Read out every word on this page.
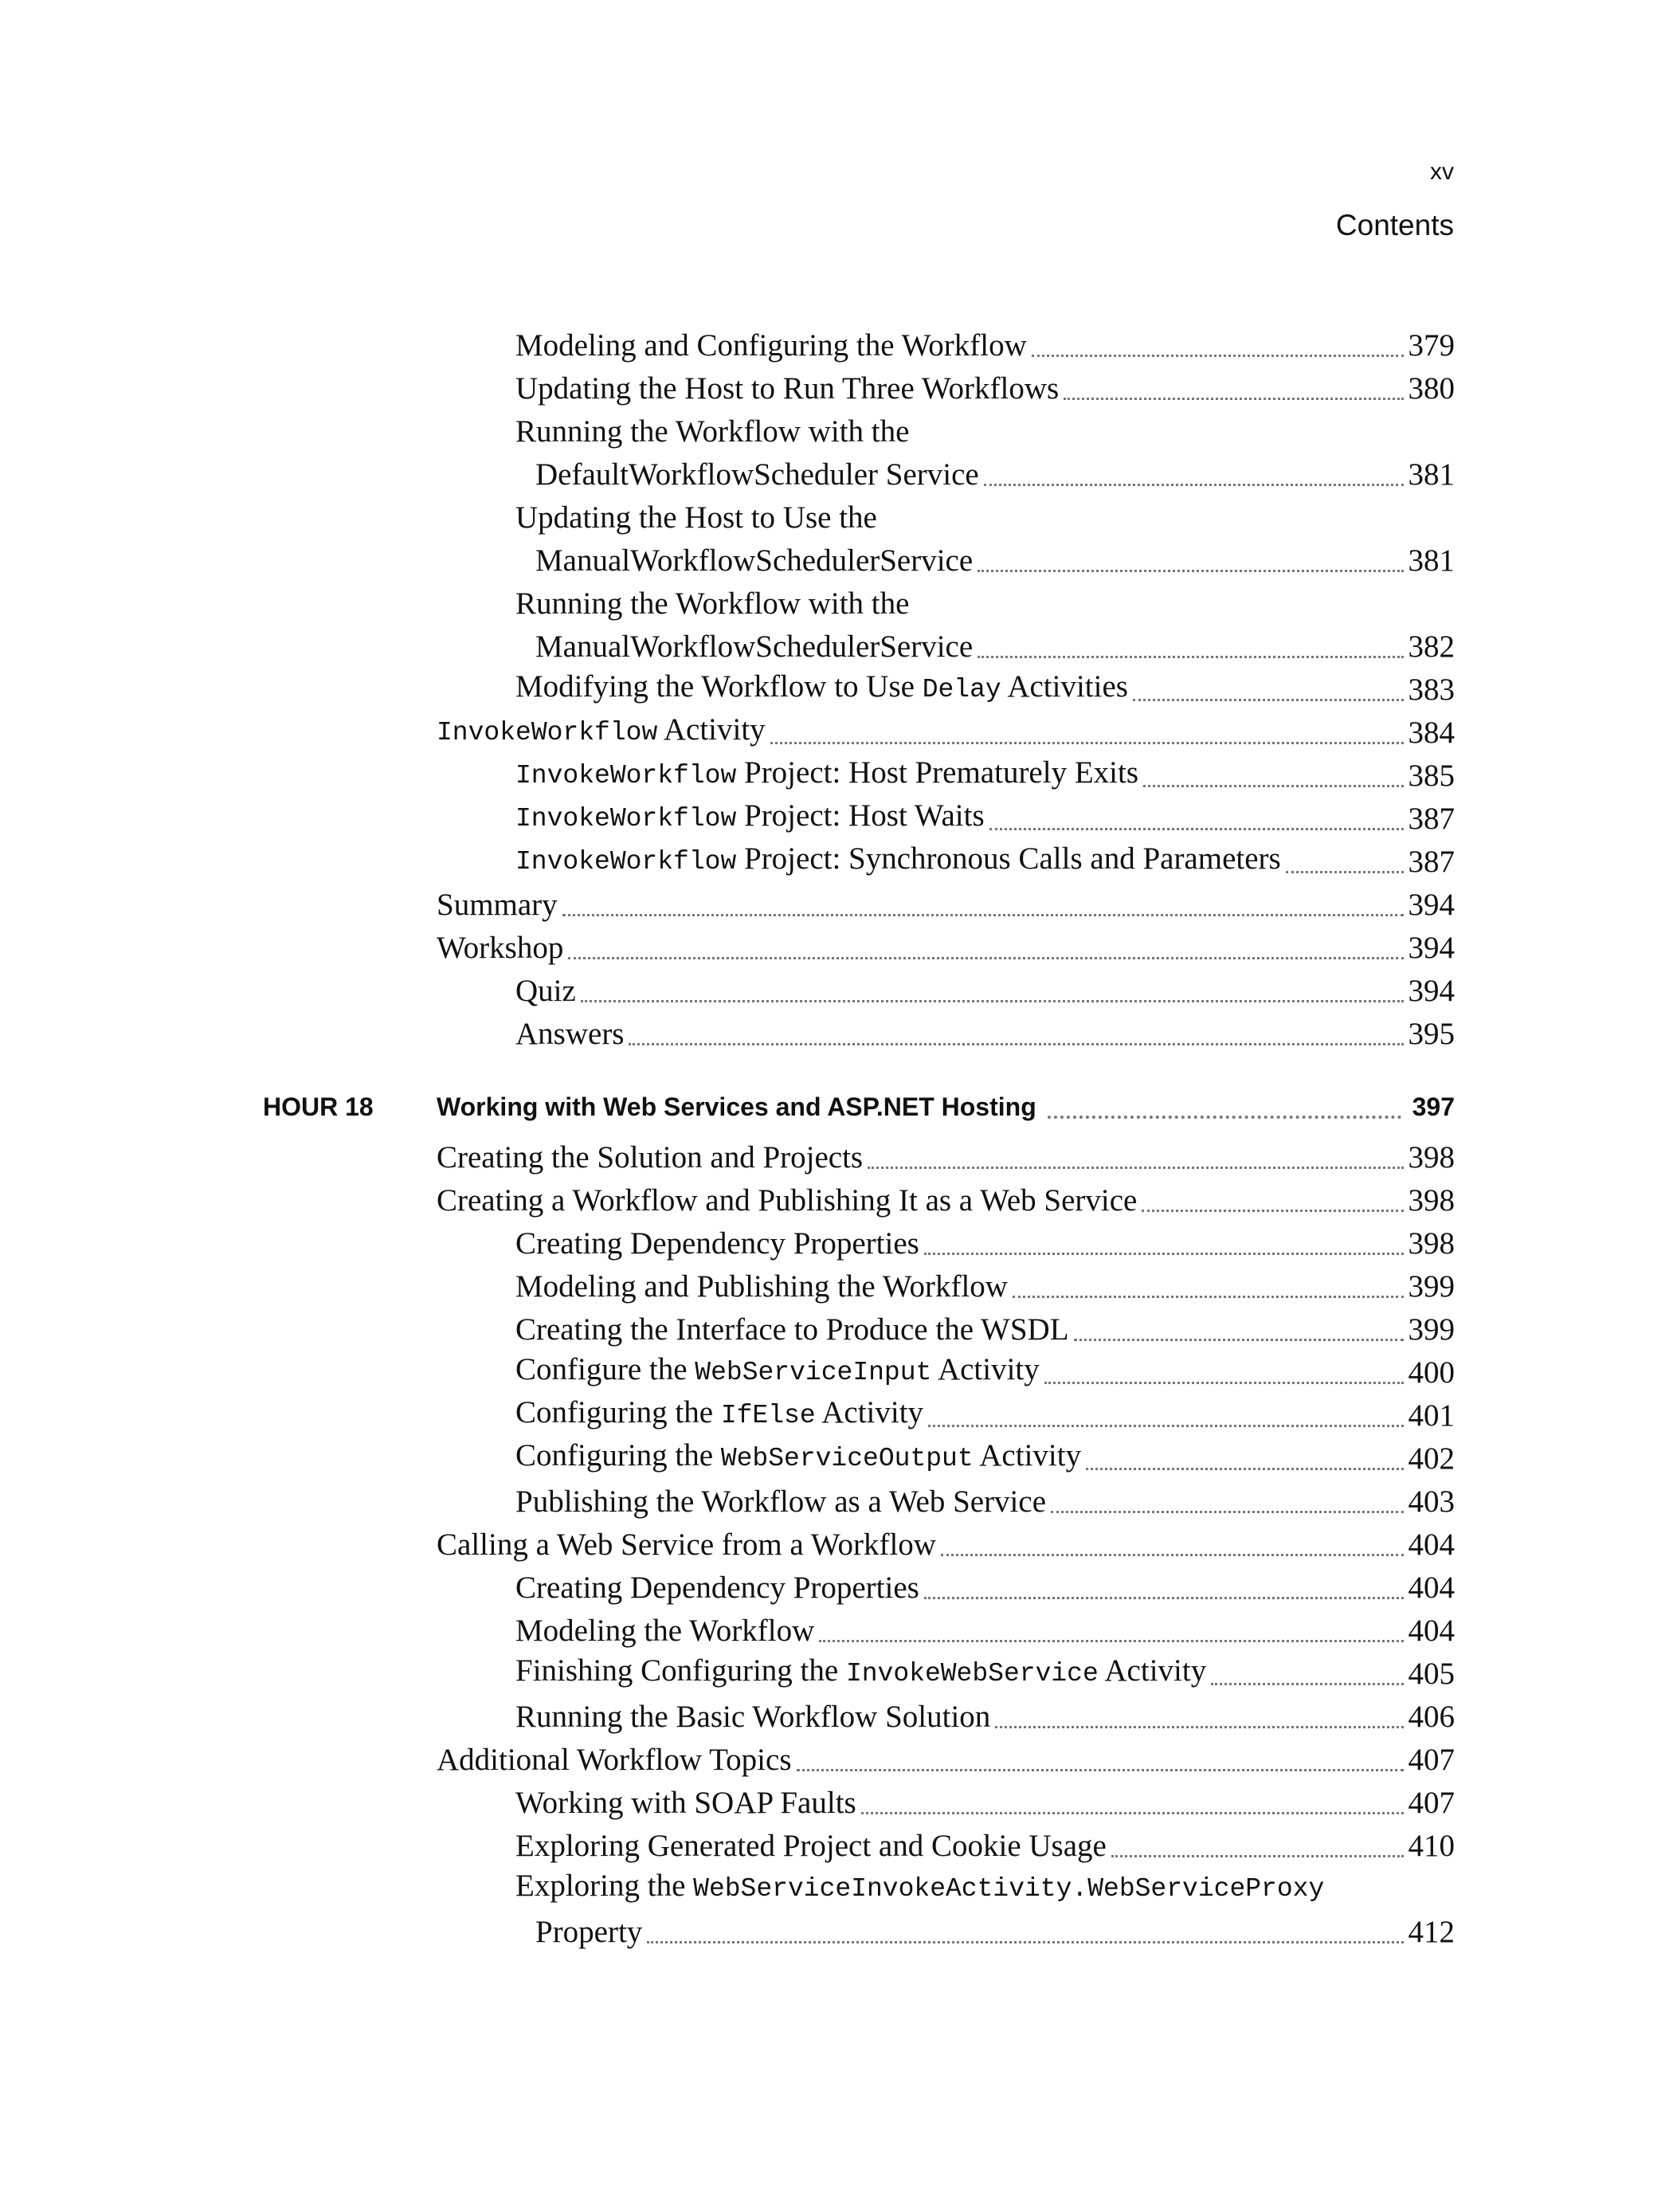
xv

Contents
Modeling and Configuring the Workflow	379
Updating the Host to Run Three Workflows	380
Running the Workflow with the
DefaultWorkflowScheduler Service	381
Updating the Host to Use the
ManualWorkflowSchedulerService	381
Running the Workflow with the
ManualWorkflowSchedulerService	382
Modifying the Workflow to Use Delay Activities	383
InvokeWorkflow Activity	384
InvokeWorkflow Project: Host Prematurely Exits	385
InvokeWorkflow Project: Host Waits	387
InvokeWorkflow Project: Synchronous Calls and Parameters	387
Summary	394
Workshop	394
Quiz	394
Answers	395
HOUR 18	Working with Web Services and ASP.NET Hosting	397
Creating the Solution and Projects	398
Creating a Workflow and Publishing It as a Web Service	398
Creating Dependency Properties	398
Modeling and Publishing the Workflow	399
Creating the Interface to Produce the WSDL	399
Configure the WebServiceInput Activity	400
Configuring the IfElse Activity	401
Configuring the WebServiceOutput Activity	402
Publishing the Workflow as a Web Service	403
Calling a Web Service from a Workflow	404
Creating Dependency Properties	404
Modeling the Workflow	404
Finishing Configuring the InvokeWebService Activity	405
Running the Basic Workflow Solution	406
Additional Workflow Topics	407
Working with SOAP Faults	407
Exploring Generated Project and Cookie Usage	410
Exploring the WebServiceInvokeActivity.WebServiceProxy
Property	412
